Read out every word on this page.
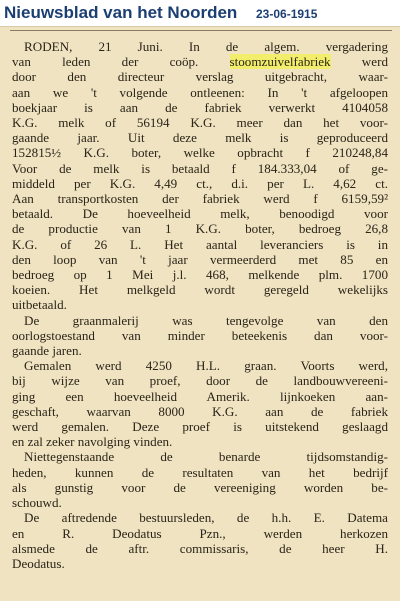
Nieuwsblad van het Noorden 23-06-1915
RODEN, 21 Juni. In de algem. vergadering
van leden der coöp. stoomzuivelfabriek werd
door den directeur verslag uitgebracht, waar-
aan we 't volgende ontleenen: In 't afgeloopen
boekjaar is aan de fabriek verwerkt 4104058
K.G. melk of 56194 K.G. meer dan het voor-
gaande jaar. Uit deze melk is geproduceerd
152815½ K.G. boter, welke opbracht f 210248,84
Voor de melk is betaald f 184.333,04 of ge-
middeld per K.G. 4,49 ct., d.i. per L. 4,62 ct.
Aan transportkosten der fabriek werd f 6159,59²
betaald. De hoeveelheid melk, benoodigd voor
de productie van 1 K.G. boter, bedroeg 26,8
K.G. of 26 L. Het aantal leveranciers is in
den loop van 't jaar vermeerderd met 85 en
bedroeg op 1 Mei j.l. 468, melkende plm. 1700
koeien. Het melkgeld wordt geregeld wekelijks
uitbetaald.
De graanmalerij was tengevolge van den
oorlogstoestand van minder beteekenis dan voor-
gaande jaren.
Gemalen werd 4250 H.L. graan. Voorts werd,
bij wijze van proef, door de landbouwvereeni-
ging een hoeveelheid Amerik. lijnkoeken aan-
geschaft, waarvan 8000 K.G. aan de fabriek
werd gemalen. Deze proef is uitstekend geslaagd
en zal zeker navolging vinden.
Niettegenstaande de benarde tijdsomstandig-
heden, kunnen de resultaten van het bedrijf
als gunstig voor de vereeniging worden be-
schouwd.
De aftredende bestuursleden, de h.h. E. Datema
en R. Deodatus Pzn., werden herkozen
alsmede de aftr. commissaris, de heer H.
Deodatus.
